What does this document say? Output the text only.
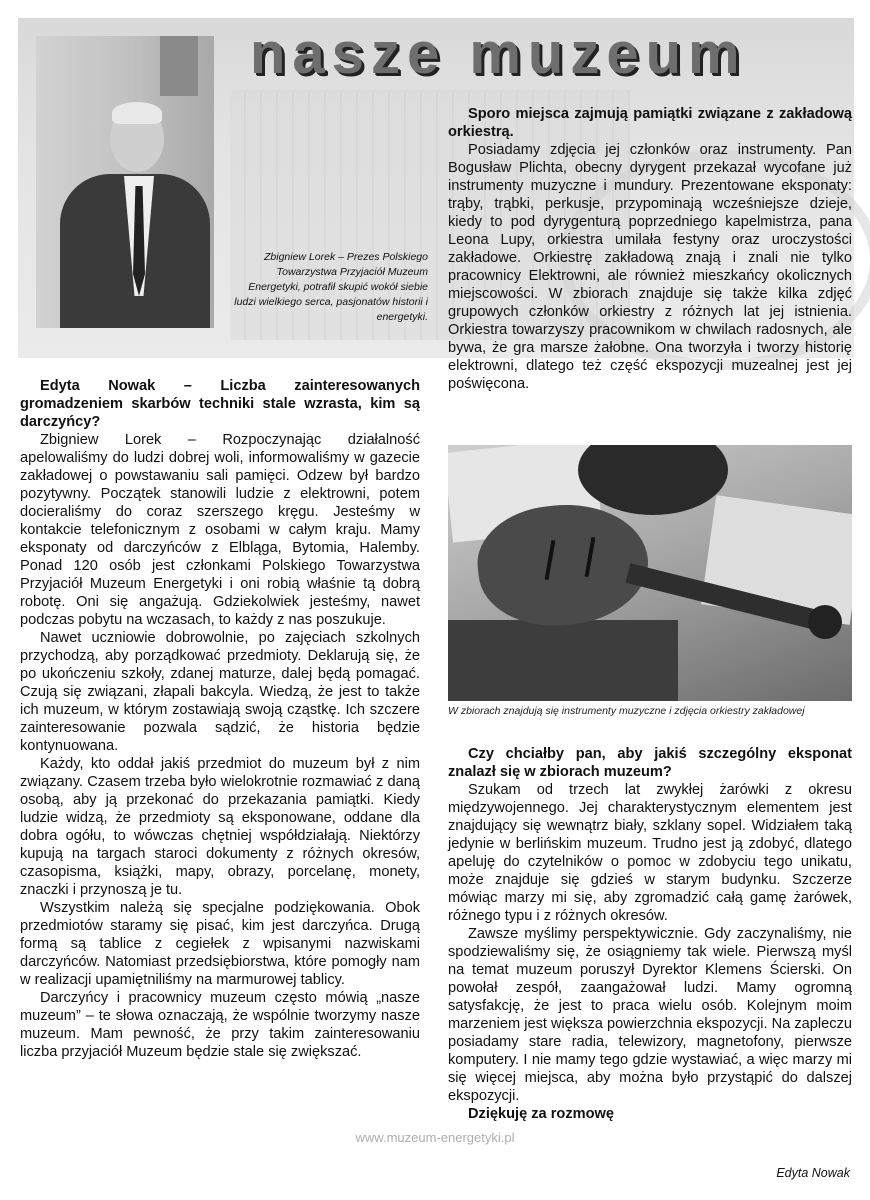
nasze muzeum

Zbigniew Lorek – Prezes Polskiego Towarzystwa Przyjaciół Muzeum Energetyki, potrafił skupić wokół siebie ludzi wielkiego serca, pasjonatów historii i energetyki.

Edyta Nowak – Liczba zainteresowanych gromadzeniem skarbów techniki stale wzrasta, kim są darczyńcy?

Zbigniew Lorek – Rozpoczynając działalność apelowaliśmy do ludzi dobrej woli, informowaliśmy w gazecie zakładowej o powstawaniu sali pamięci. Odzew był bardzo pozytywny. Początek stanowili ludzie z elektrowni, potem docieraliśmy do coraz szerszego kręgu. Jesteśmy w kontakcie telefonicznym z osobami w całym kraju. Mamy eksponaty od darczyńców z Elbląga, Bytomia, Halemby. Ponad 120 osób jest członkami Polskiego Towarzystwa Przyjaciół Muzeum Energetyki i oni robią właśnie tą dobrą robotę. Oni się angażują. Gdziekolwiek jesteśmy, nawet podczas pobytu na wczasach, to każdy z nas poszukuje.

Nawet uczniowie dobrowolnie, po zajęciach szkolnych przychodzą, aby porządkować przedmioty. Deklarują się, że po ukończeniu szkoły, zdanej maturze, dalej będą pomagać. Czują się związani, złapali bakcyla. Wiedzą, że jest to także ich muzeum, w którym zostawiają swoją cząstkę. Ich szczere zainteresowanie pozwala sądzić, że historia będzie kontynuowana.

Każdy, kto oddał jakiś przedmiot do muzeum był z nim związany. Czasem trzeba było wielokrotnie rozmawiać z daną osobą, aby ją przekonać do przekazania pamiątki. Kiedy ludzie widzą, że przedmioty są eksponowane, oddane dla dobra ogółu, to wówczas chętniej współdziałają. Niektórzy kupują na targach staroci dokumenty z różnych okresów, czasopisma, książki, mapy, obrazy, porcelanę, monety, znaczki i przynoszą je tu.

Wszystkim należą się specjalne podziękowania. Obok przedmiotów staramy się pisać, kim jest darczyńca. Drugą formą są tablice z cegiełek z wpisanymi nazwiskami darczyńców. Natomiast przedsiębiorstwa, które pomogły nam w realizacji upamiętniliśmy na marmurowej tablicy.

Darczyńcy i pracownicy muzeum często mówią „nasze muzeum” – te słowa oznaczają, że wspólnie tworzymy nasze muzeum. Mam pewność, że przy takim zainteresowaniu liczba przyjaciół Muzeum będzie stale się zwiększać.

Sporo miejsca zajmują pamiątki związane z zakładową orkiestrą.

Posiadamy zdjęcia jej członków oraz instrumenty. Pan Bogusław Plichta, obecny dyrygent przekazał wycofane już instrumenty muzyczne i mundury. Prezentowane eksponaty: trąby, trąbki, perkusje, przypominają wcześniejsze dzieje, kiedy to pod dyrygenturą poprzedniego kapelmistrza, pana Leona Lupy, orkiestra umilała festyny oraz uroczystości zakładowe. Orkiestrę zakładową znają i znali nie tylko pracownicy Elektrowni, ale również mieszkańcy okolicznych miejscowości. W zbiorach znajduje się także kilka zdjęć grupowych członków orkiestry z różnych lat jej istnienia. Orkiestra towarzyszy pracownikom w chwilach radosnych, ale bywa, że gra marsze żałobne. Ona tworzyła i tworzy historię elektrowni, dlatego też część ekspozycji muzealnej jest jej poświęcona.

W zbiorach znajdują się instrumenty muzyczne i zdjęcia orkiestry zakładowej

Czy chciałby pan, aby jakiś szczególny eksponat znalazł się w zbiorach muzeum?

Szukam od trzech lat zwykłej żarówki z okresu międzywojennego. Jej charakterystycznym elementem jest znajdujący się wewnątrz biały, szklany sopel. Widziałem taką jedynie w berlińskim muzeum. Trudno jest ją zdobyć, dlatego apeluję do czytelników o pomoc w zdobyciu tego unikatu, może znajduje się gdzieś w starym budynku. Szczerze mówiąc marzy mi się, aby zgromadzić całą gamę żarówek, różnego typu i z różnych okresów.

Zawsze myślimy perspektywicznie. Gdy zaczynaliśmy, nie spodziewaliśmy się, że osiągniemy tak wiele. Pierwszą myśl na temat muzeum poruszył Dyrektor Klemens Ścierski. On powołał zespół, zaangażował ludzi. Mamy ogromną satysfakcję, że jest to praca wielu osób. Kolejnym moim marzeniem jest większa powierzchnia ekspozycji. Na zapleczu posiadamy stare radia, telewizory, magnetofony, pierwsze komputery. I nie mamy tego gdzie wystawiać, a więc marzy mi się więcej miejsca, aby można było przystąpić do dalszej ekspozycji.

Dziękuję za rozmowę

www.muzeum-energetyki.pl

Edyta Nowak
